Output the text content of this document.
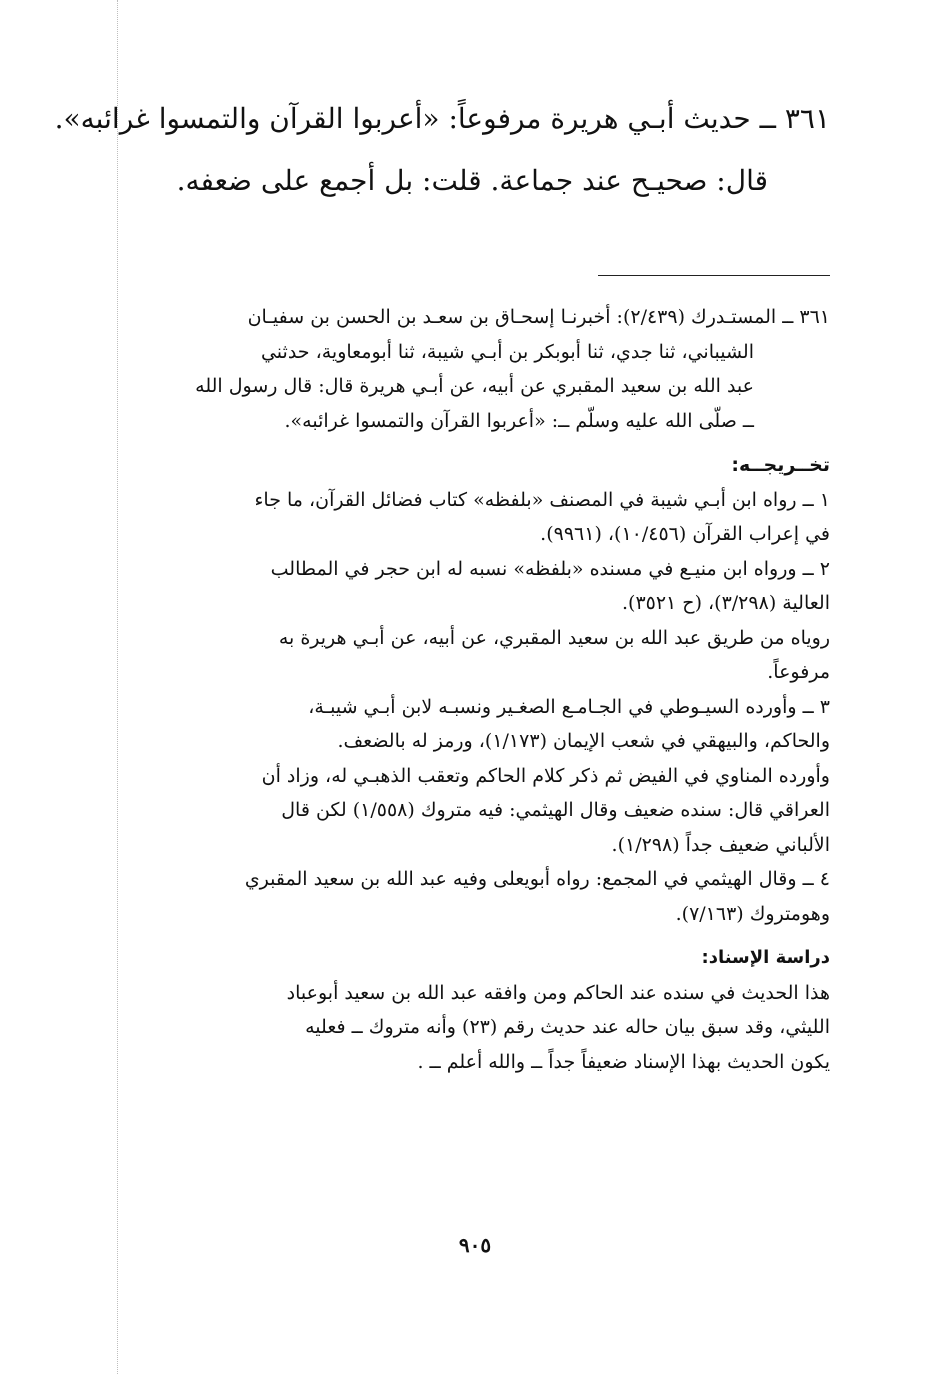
٣٦١ ــ حديث أبـي هريرة مرفوعاً: «أعربوا القرآن والتمسوا غرائبه».
قال: صحيـح عند جماعة. قلت: بل أجمع على ضعفه.
٣٦١ ــ المستـدرك (٢/٤٣٩): أخبرنـا إسحـاق بن سعـد بن الحسن بن سفيـان
الشيباني، ثنا جدي، ثنا أبوبكر بن أبـي شيبة، ثنا أبومعاوية، حدثني
عبد الله بن سعيد المقبري عن أبيه، عن أبـي هريرة قال: قال رسول الله
ــ صلّى الله عليه وسلّم ــ: «أعربوا القرآن والتمسوا غرائبه».
تخــريجــه:
١ ــ رواه ابن أبـي شيبة في المصنف «بلفظه» كتاب فضائل القرآن، ما جاء
في إعراب القرآن (١٠/٤٥٦)، (٩٩٦١).
٢ ــ ورواه ابن منيـع في مسنده «بلفظه» نسبه له ابن حجر في المطالب
العالية (٣/٢٩٨)، (ح ٣٥٢١).
روياه من طريق عبد الله بن سعيد المقبري، عن أبيه، عن أبـي هريرة به
مرفوعاً.
٣ ــ وأورده السيـوطي في الجـامـع الصغـير ونسبـه لابن أبـي شيبـة،
والحاكم، والبيهقي في شعب الإيمان (١/١٧٣)، ورمز له بالضعف.
وأورده المناوي في الفيض ثم ذكر كلام الحاكم وتعقب الذهبـي له، وزاد أن
العراقي قال: سنده ضعيف وقال الهيثمي: فيه متروك (١/٥٥٨) لكن قال
الألباني ضعيف جداً (١/٢٩٨).
٤ ــ وقال الهيثمي في المجمع: رواه أبويعلى وفيه عبد الله بن سعيد المقبري
وهومتروك (٧/١٦٣).
دراسة الإسناد:
هذا الحديث في سنده عند الحاكم ومن وافقه عبد الله بن سعيد أبوعباد
الليثي، وقد سبق بيان حاله عند حديث رقم (٢٣) وأنه متروك ــ فعليه
يكون الحديث بهذا الإسناد ضعيفاً جداً ــ والله أعلم ــ .
٩٠٥
